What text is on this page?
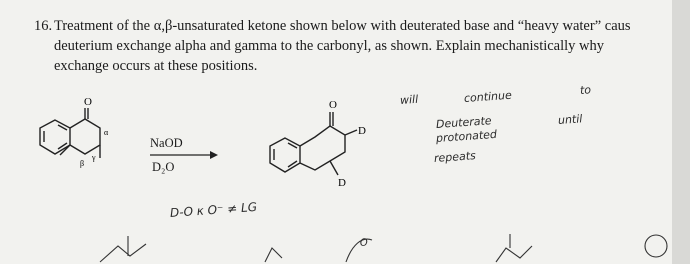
16. Treatment of the α,β-unsaturated ketone shown below with deuterated base and “heavy water” caus
deuterium exchange alpha and gamma to the carbonyl, as shown. Explain mechanistically why
exchange occurs at these positions.
O
α
β
γ
O
D
D
NaOD
D₂O
will	continue	to
Deuterate	until
protonated
repeats
D-O κ O⁻ ≠ LG
O
